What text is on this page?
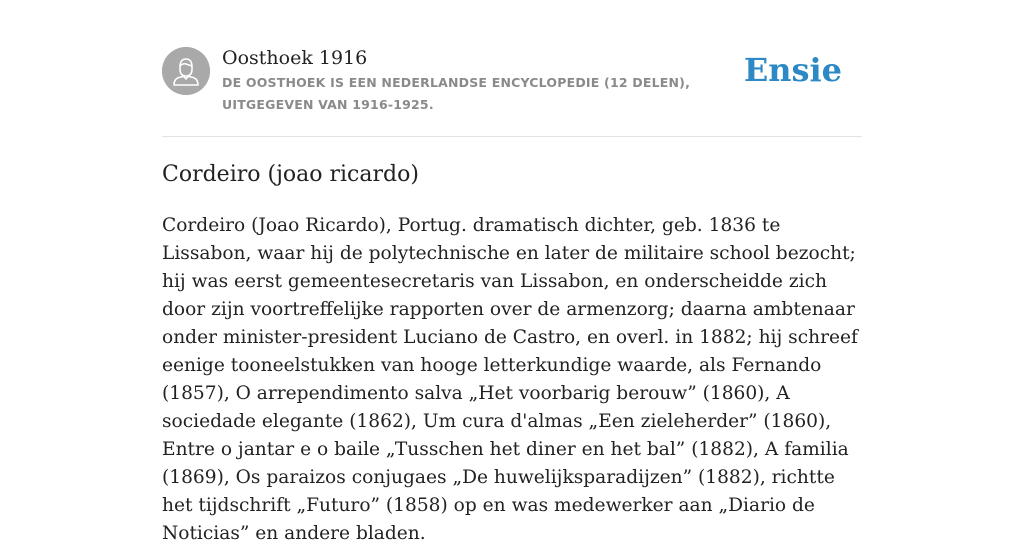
Oosthoek 1916

DE OOSTHOEK IS EEN NEDERLANDSE ENCYCLOPEDIE (12 DELEN), UITGEGEVEN VAN 1916-1925.

Ensie
Cordeiro (joao ricardo)

Cordeiro (Joao Ricardo), Portug. dramatisch dichter, geb. 1836 te Lissabon, waar hij de polytechnische en later de militaire school bezocht; hij was eerst gemeentesecretaris van Lissabon, en onderscheidde zich door zijn voortreffelijke rapporten over de armenzorg; daarna ambtenaar onder minister-president Luciano de Castro, en overl. in 1882; hij schreef eenige tooneelstukken van hooge letterkundige waarde, als Fernando (1857), O arrependimento salva „Het voorbarig berouw” (1860), A sociedade elegante (1862), Um cura d'almas „Een zieleherder” (1860), Entre o jantar e o baile „Tusschen het diner en het bal” (1882), A familia (1869), Os paraizos conjugaes „De huwelijksparadijzen” (1882), richtte het tijdschrift „Futuro” (1858) op en was medewerker aan „Diario de Noticias” en andere bladen.
